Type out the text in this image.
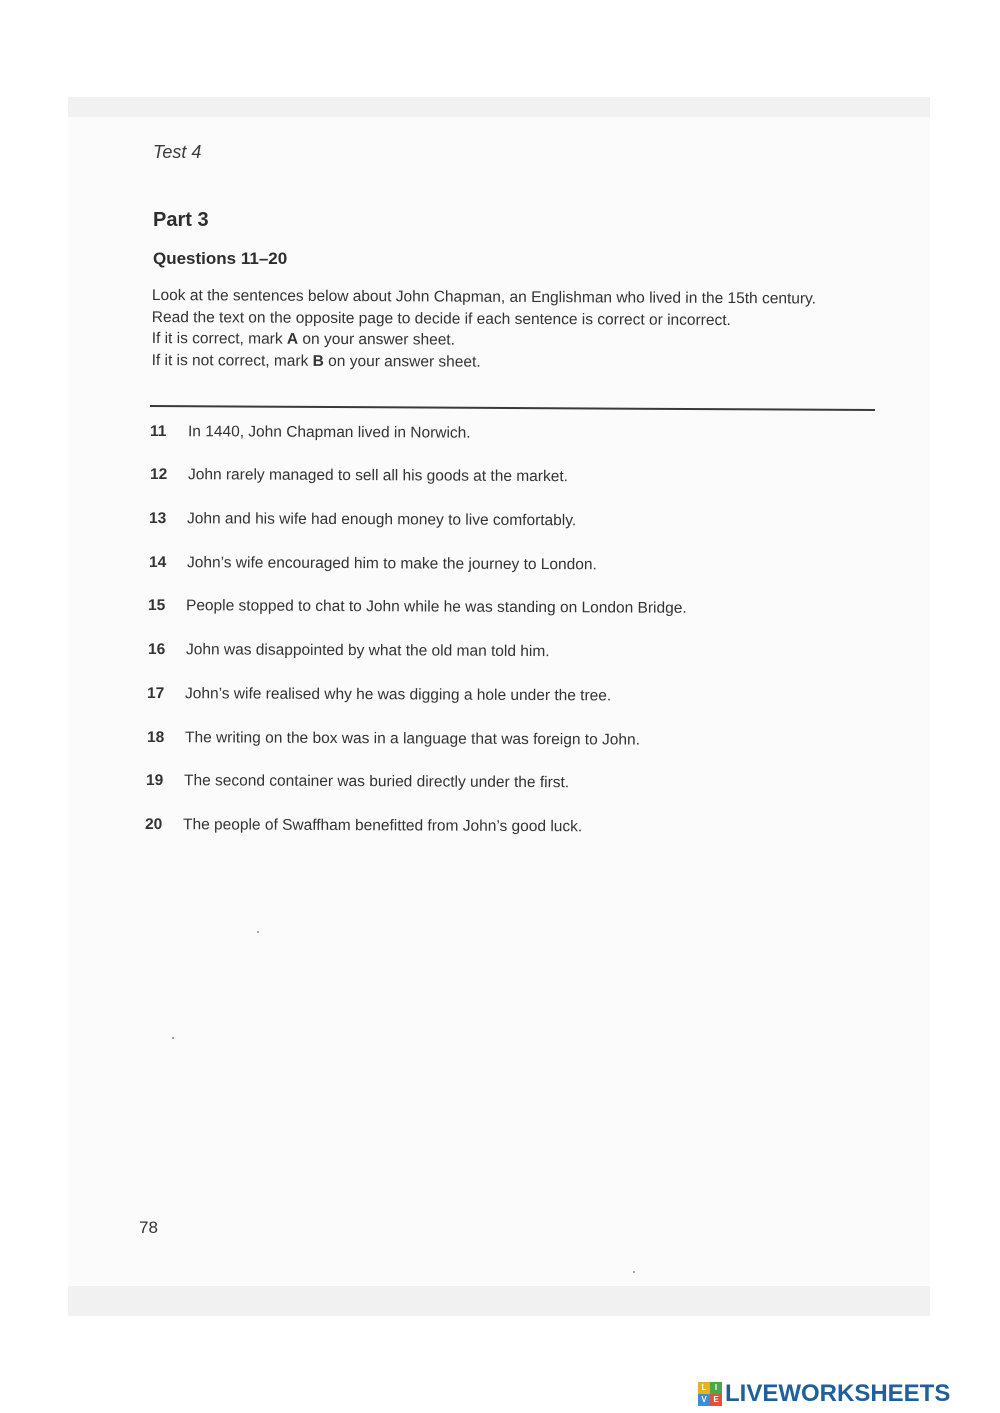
Test 4
Part 3
Questions 11–20

Look at the sentences below about John Chapman, an Englishman who lived in the 15th century.

Read the text on the opposite page to decide if each sentence is correct or incorrect.

If it is correct, mark A on your answer sheet.

If it is not correct, mark B on your answer sheet.

11 In 1440, John Chapman lived in Norwich.
12 John rarely managed to sell all his goods at the market.
13 John and his wife had enough money to live comfortably.
14 John’s wife encouraged him to make the journey to London.
15 People stopped to chat to John while he was standing on London Bridge.
16 John was disappointed by what the old man told him.
17 John’s wife realised why he was digging a hole under the tree.
18 The writing on the box was in a language that was foreign to John.
19 The second container was buried directly under the first.
20 The people of Swaffham benefitted from John’s good luck.
78
L	I
V E LIVEWORKSHEETS
